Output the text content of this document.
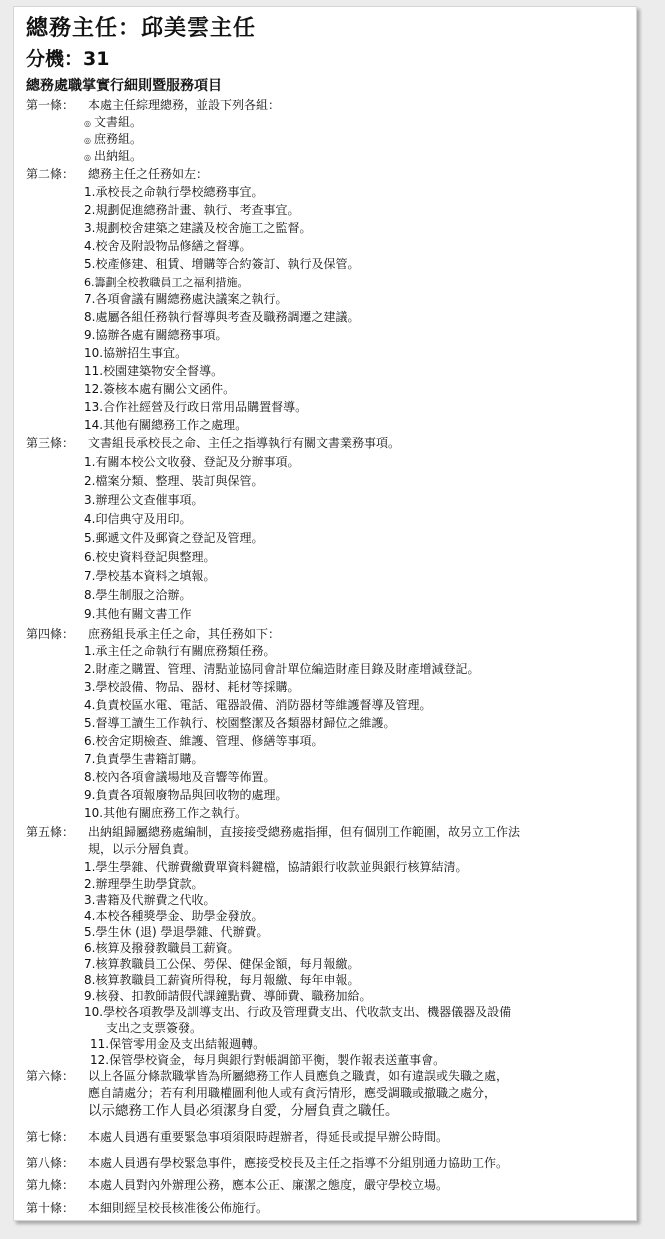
總務主任：邱美雲主任
分機：31
總務處職掌實行細則暨服務項目
第一條： 本處主任綜理總務，並設下列各組：
◎ 文書組。
◎ 庶務組。
◎ 出納組。
第二條： 總務主任之任務如左：
1.承校長之命執行學校總務事宜。
2.規劃促進總務計畫、執行、考查事宜。
3.規劃校舍建築之建議及校舍施工之監督。
4.校舍及附設物品修繕之督導。
5.校產修建、租賃、增購等合約簽訂、執行及保管。
6.籌劃全校教職員工之福利措施。
7.各項會議有關總務處決議案之執行。
8.處屬各組任務執行督導與考查及職務調遷之建議。
9.協辦各處有關總務事項。
10.協辦招生事宜。
11.校園建築物安全督導。
12.簽核本處有關公文函件。
13.合作社經營及行政日常用品購置督導。
14.其他有關總務工作之處理。
第三條： 文書組長承校長之命、主任之指導執行有關文書業務事項。
1.有關本校公文收發、登記及分辦事項。
2.檔案分類、整理、裝訂與保管。
3.辦理公文查催事項。
4.印信典守及用印。
5.郵遞文件及郵資之登記及管理。
6.校史資料登記與整理。
7.學校基本資料之填報。
8.學生制服之洽辦。
9.其他有關文書工作
第四條： 庶務組長承主任之命，其任務如下：
1.承主任之命執行有關庶務類任務。
2.財產之購置、管理、清點並協同會計單位編造財產目錄及財產增減登記。
3.學校設備、物品、器材、耗材等採購。
4.負責校區水電、電話、電器設備、消防器材等維護督導及管理。
5.督導工讀生工作執行、校園整潔及各類器材歸位之維護。
6.校舍定期檢查、維護、管理、修繕等事項。
7.負責學生書籍訂購。
8.校內各項會議場地及音響等佈置。
9.負責各項報廢物品與回收物的處理。
10.其他有關庶務工作之執行。
第五條： 出納組歸屬總務處編制，直接接受總務處指揮，但有個別工作範圍，故另立工作法
規，以示分層負責。
1.學生學雜、代辦費繳費單資料鍵檔，協請銀行收款並與銀行核算結清。
2.辦理學生助學貸款。
3.書籍及代辦費之代收。
4.本校各種獎學金、助學金發放。
5.學生休 (退) 學退學雜、代辦費。
6.核算及撥發教職員工薪資。
7.核算教職員工公保、勞保、健保金額，每月報繳。
8.核算教職員工薪資所得稅，每月報繳、每年申報。
9.核發、扣教師請假代課鐘點費、導師費、職務加給。
10.學校各項教學及訓導支出、行政及管理費支出、代收款支出、機器儀器及設備
支出之支票簽發。
11.保管零用金及支出結報週轉。
12.保管學校資金，每月與銀行對帳調節平衡，製作報表送董事會。
第六條： 以上各區分條款職掌皆為所屬總務工作人員應負之職責，如有違誤或失職之處，
應自請處分；若有利用職權圖利他人或有貪污情形，應受調職或撤職之處分，
以示總務工作人員必須潔身自愛，分層負責之職任。
第七條： 本處人員遇有重要緊急事項須限時趕辦者，得延長或提早辦公時間。
第八條： 本處人員遇有學校緊急事件，應接受校長及主任之指導不分組別通力協助工作。
第九條： 本處人員對內外辦理公務，應本公正、廉潔之態度，嚴守學校立場。
第十條： 本細則經呈校長核准後公佈施行。
